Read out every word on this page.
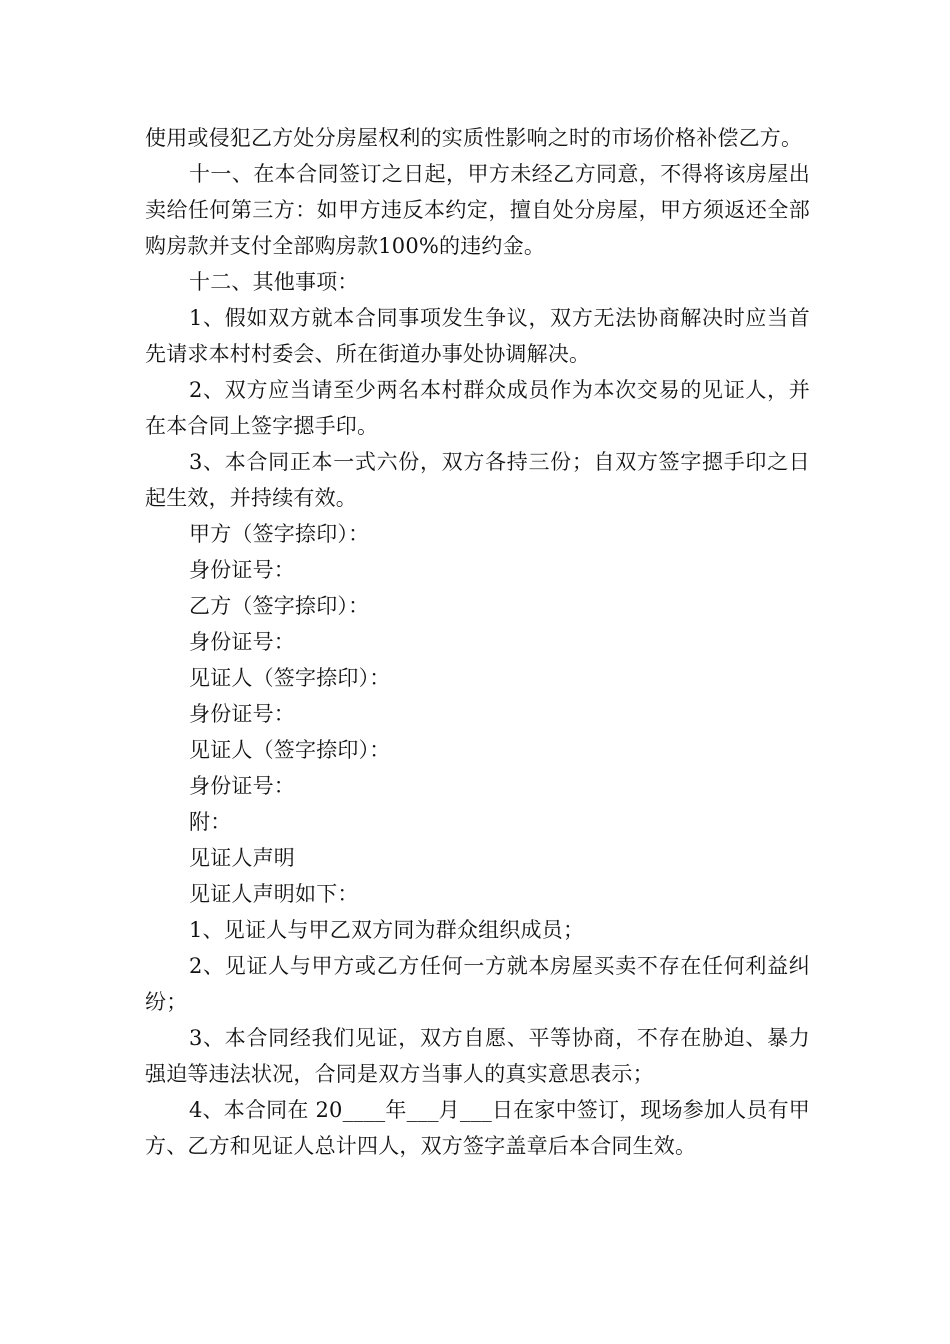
使用或侵犯乙方处分房屋权利的实质性影响之时的市场价格补偿乙方。

十一、在本合同签订之日起，甲方未经乙方同意，不得将该房屋出卖给任何第三方：如甲方违反本约定，擅自处分房屋，甲方须返还全部购房款并支付全部购房款100%的违约金。

十二、其他事项：

1、假如双方就本合同事项发生争议，双方无法协商解决时应当首先请求本村村委会、所在街道办事处协调解决。

2、双方应当请至少两名本村群众成员作为本次交易的见证人，并在本合同上签字摁手印。

3、本合同正本一式六份，双方各持三份；自双方签字摁手印之日起生效，并持续有效。

甲方（签字捺印）：

身份证号：

乙方（签字捺印）：

身份证号：

见证人（签字捺印）：

身份证号：

见证人（签字捺印）：

身份证号：

附：

见证人声明

见证人声明如下：

1、见证人与甲乙双方同为群众组织成员；

2、见证人与甲方或乙方任何一方就本房屋买卖不存在任何利益纠纷；

3、本合同经我们见证，双方自愿、平等协商，不存在胁迫、暴力强迫等违法状况，合同是双方当事人的真实意思表示；

4、本合同在 20____年___月___日在家中签订，现场参加人员有甲方、乙方和见证人总计四人，双方签字盖章后本合同生效。
